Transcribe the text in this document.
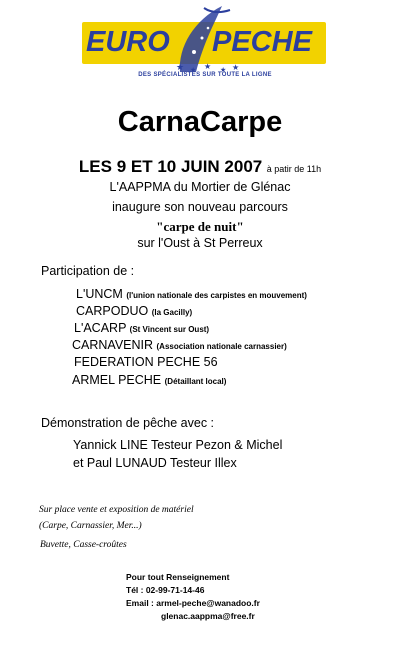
EURO PECHE
★ ★ ★ ★ ★
DES SPÉCIALISTES SUR TOUTE LA LIGNE
CarnaCarpe
LES 9 ET 10 JUIN 2007 à patir de 11h
L'AAPPMA du Mortier de Glénac
inaugure son nouveau parcours
"carpe de nuit"
sur l'Oust à St Perreux
Participation de :
L'UNCM (l'union nationale des carpistes en mouvement)
CARPODUO (la Gacilly)
L'ACARP (St Vincent sur Oust)
CARNAVENIR (Association nationale carnassier)
FEDERATION PECHE 56
ARMEL PECHE (Détaillant local)
Démonstration de pêche avec :
Yannick LINE Testeur Pezon & Michel
et Paul LUNAUD Testeur Illex
Sur place vente et exposition de matériel
(Carpe, Carnassier, Mer...)
Buvette, Casse-croûtes
Pour tout Renseignement
Tél : 02-99-71-14-46
Email : armel-peche@wanadoo.fr
glenac.aappma@free.fr
